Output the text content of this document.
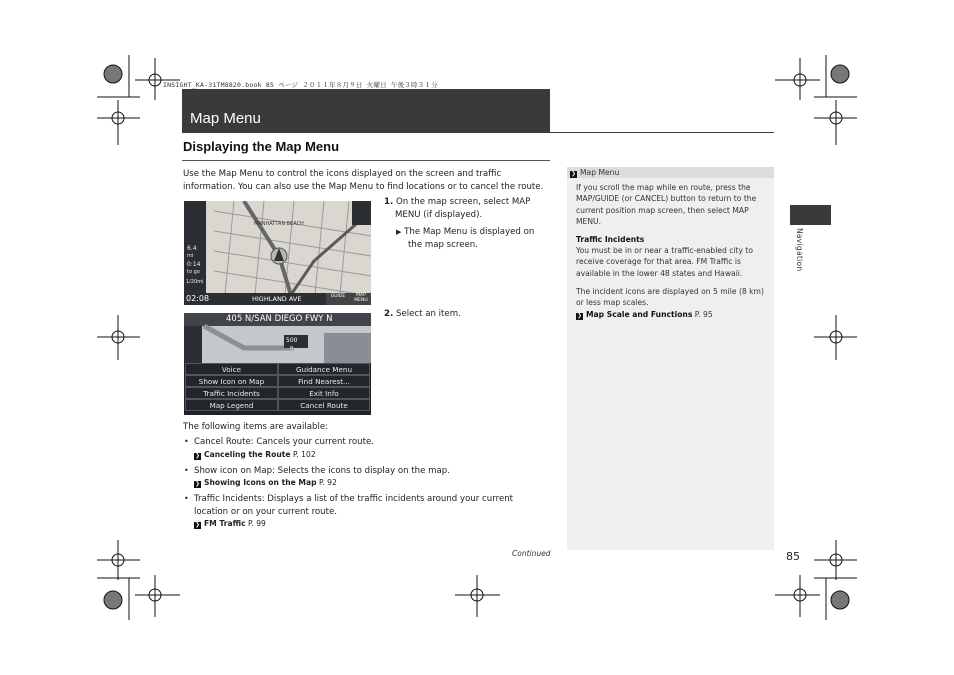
INSIGHT_KA-31TM8820.book 85 ページ ２０１１年８月９日 火曜日 午後３時３１分
Map Menu
Displaying the Map Menu
Use the Map Menu to control the icons displayed on the screen and traffic
information. You can also use the Map Menu to find locations or to cancel the route.
MANHATTAN BEACH
6.4
mi
0:14
to go
1/20mi
02:08	HIGHLAND AVE	GUIDE	MAP
MENU
405 N/SAN DIEGO FWY N
500
ft
Voice
Show Icon on Map
Traffic Incidents
Map Legend
Guidance Menu
Find Nearest...
Exit Info
Cancel Route
1. On the map screen, select MAP
MENU (if displayed).
▶ The Map Menu is displayed on
the map screen.
2. Select an item.
The following items are available:
• Cancel Route: Cancels your current route.
❯ Canceling the Route P. 102
• Show icon on Map: Selects the icons to display on the map.
❯ Showing Icons on the Map P. 92
• Traffic Incidents: Displays a list of the traffic incidents around your current
location or on your current route.
❯ FM Traffic P. 99
Continued
❯ Map Menu
If you scroll the map while en route, press the
MAP/GUIDE (or CANCEL) button to return to the
current position map screen, then select MAP
MENU.
Traffic Incidents
You must be in or near a traffic-enabled city to
receive coverage for that area. FM Traffic is
available in the lower 48 states and Hawaii.
The incident icons are displayed on 5 mile (8 km)
or less map scales.
❯ Map Scale and Functions P. 95
Navigation
85
